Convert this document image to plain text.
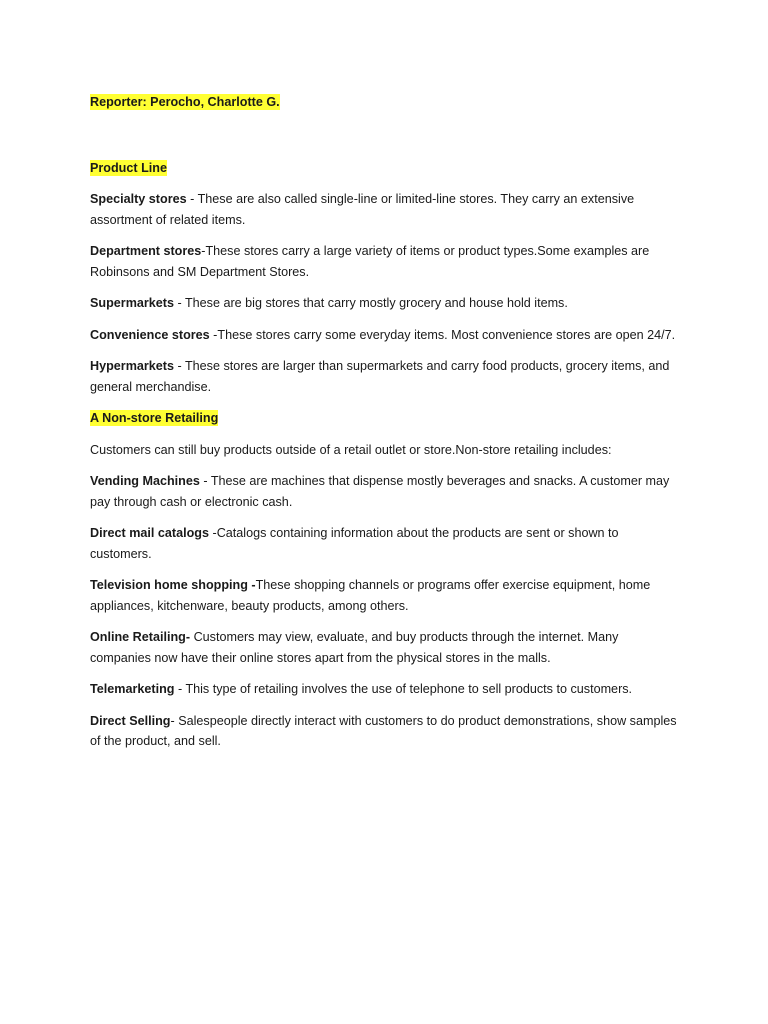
Reporter: Perocho, Charlotte G.

Product Line

Specialty stores - These are also called single-line or limited-line stores. They carry an extensive assortment of related items.

Department stores-These stores carry a large variety of items or product types.Some examples are Robinsons and SM Department Stores.

Supermarkets - These are big stores that carry mostly grocery and house hold items.

Convenience stores -These stores carry some everyday items. Most convenience stores are open 24/7.

Hypermarkets - These stores are larger than supermarkets and carry food products, grocery items, and general merchandise.

A Non-store Retailing

Customers can still buy products outside of a retail outlet or store.Non-store retailing includes:

Vending Machines - These are machines that dispense mostly beverages and snacks. A customer may pay through cash or electronic cash.

Direct mail catalogs -Catalogs containing information about the products are sent or shown to customers.

Television home shopping -These shopping channels or programs offer exercise equipment, home appliances, kitchenware, beauty products, among others.

Online Retailing- Customers may view, evaluate, and buy products through the internet. Many companies now have their online stores apart from the physical stores in the malls.

Telemarketing - This type of retailing involves the use of telephone to sell products to customers.

Direct Selling- Salespeople directly interact with customers to do product demonstrations, show samples of the product, and sell.
